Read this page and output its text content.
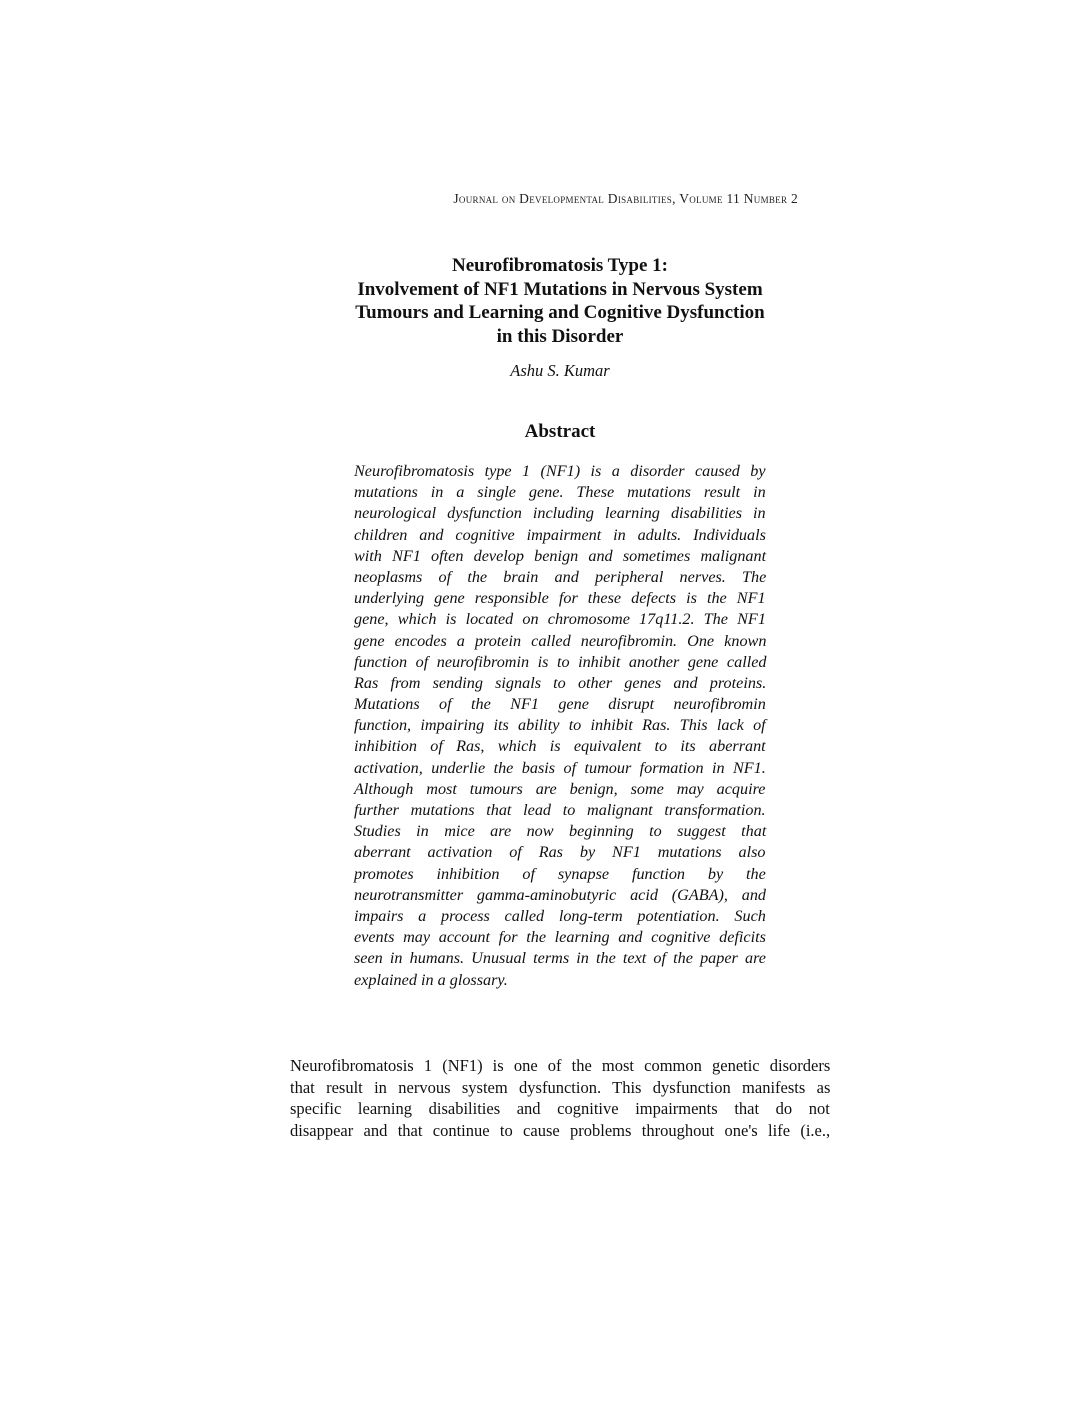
Journal on Developmental Disabilities, Volume 11 Number 2
Neurofibromatosis Type 1:
Involvement of NF1 Mutations in Nervous System
Tumours and Learning and Cognitive Dysfunction
in this Disorder
Ashu S. Kumar
Abstract
Neurofibromatosis type 1 (NF1) is a disorder caused by
mutations in a single gene. These mutations result in
neurological dysfunction including learning disabilities in
children and cognitive impairment in adults. Individuals
with NF1 often develop benign and sometimes malignant
neoplasms of the brain and peripheral nerves. The
underlying gene responsible for these defects is the NF1
gene, which is located on chromosome 17q11.2. The NF1
gene encodes a protein called neurofibromin. One known
function of neurofibromin is to inhibit another gene called
Ras from sending signals to other genes and proteins.
Mutations of the NF1 gene disrupt neurofibromin
function, impairing its ability to inhibit Ras. This lack of
inhibition of Ras, which is equivalent to its aberrant
activation, underlie the basis of tumour formation in NF1.
Although most tumours are benign, some may acquire
further mutations that lead to malignant transformation.
Studies in mice are now beginning to suggest that
aberrant activation of Ras by NF1 mutations also
promotes inhibition of synapse function by the
neurotransmitter gamma-aminobutyric acid (GABA), and
impairs a process called long-term potentiation. Such
events may account for the learning and cognitive deficits
seen in humans. Unusual terms in the text of the paper are
explained in a glossary.
Neurofibromatosis 1 (NF1) is one of the most common genetic disorders
that result in nervous system dysfunction. This dysfunction manifests as
specific learning disabilities and cognitive impairments that do not
disappear and that continue to cause problems throughout one's life (i.e.,
